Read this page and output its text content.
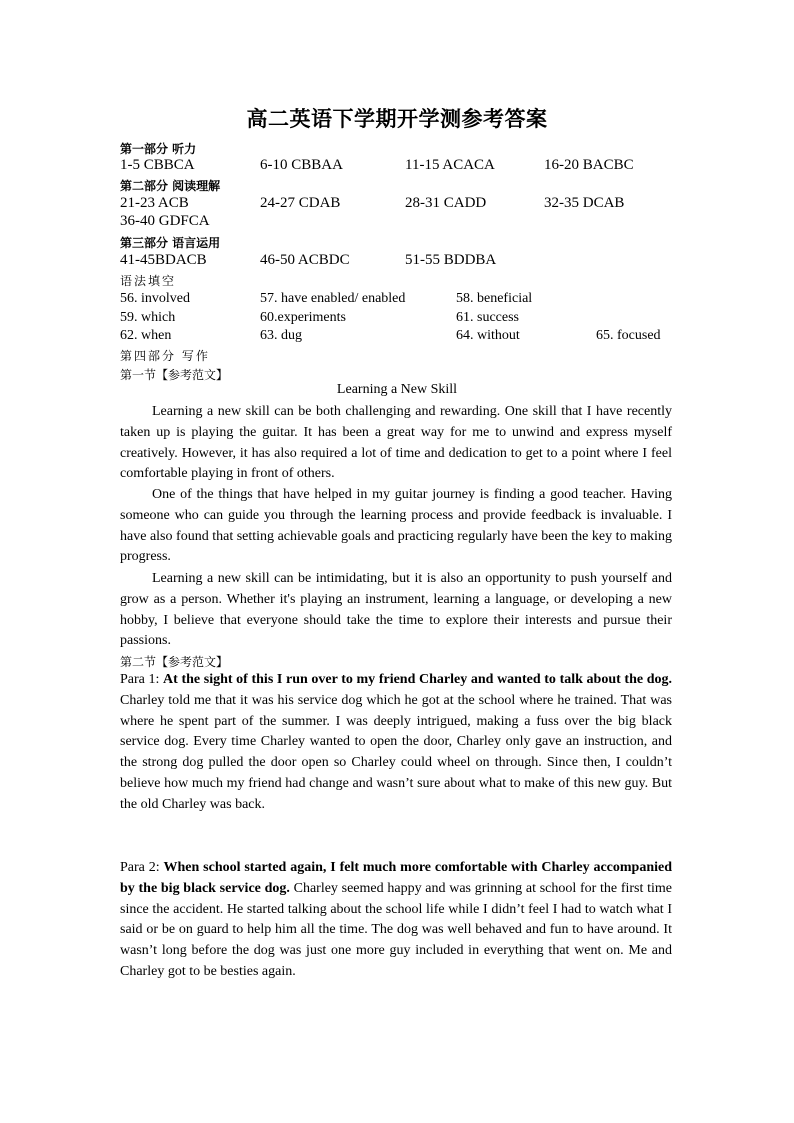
高二英语下学期开学测参考答案
第一部分 听力
1-5 CBBCA	6-10 CBBAA	11-15 ACACA	16-20 BACBC
第二部分 阅读理解
21-23 ACB	24-27 CDAB	28-31 CADD	32-35 DCAB
36-40 GDFCA
第三部分 语言运用
41-45BDACB	46-50 ACBDC	51-55 BDDBA
语法填空
56. involved	57. have enabled/ enabled	58. beneficial
59. which	60.experiments	61. success
62. when	63. dug	64. without	65. focused
第四部分 写作
第一节【参考范文】
Learning a New Skill

Learning a new skill can be both challenging and rewarding. One skill that I have recently taken up is playing the guitar. It has been a great way for me to unwind and express myself creatively. However, it has also required a lot of time and dedication to get to a point where I feel comfortable playing in front of others.

One of the things that have helped in my guitar journey is finding a good teacher. Having someone who can guide you through the learning process and provide feedback is invaluable. I have also found that setting achievable goals and practicing regularly have been the key to making progress.

Learning a new skill can be intimidating, but it is also an opportunity to push yourself and grow as a person. Whether it's playing an instrument, learning a language, or developing a new hobby, I believe that everyone should take the time to explore their interests and pursue their passions.

第二节【参考范文】

Para 1: At the sight of this I run over to my friend Charley and wanted to talk about the dog. Charley told me that it was his service dog which he got at the school where he trained. That was where he spent part of the summer. I was deeply intrigued, making a fuss over the big black service dog. Every time Charley wanted to open the door, Charley only gave an instruction, and the strong dog pulled the door open so Charley could wheel on through. Since then, I couldn’t believe how much my friend had change and wasn’t sure about what to make of this new guy. But the old Charley was back.

Para 2: When school started again, I felt much more comfortable with Charley accompanied by the big black service dog. Charley seemed happy and was grinning at school for the first time since the accident. He started talking about the school life while I didn’t feel I had to watch what I said or be on guard to help him all the time. The dog was well behaved and fun to have around. It wasn’t long before the dog was just one more guy included in everything that went on. Me and Charley got to be besties again.
